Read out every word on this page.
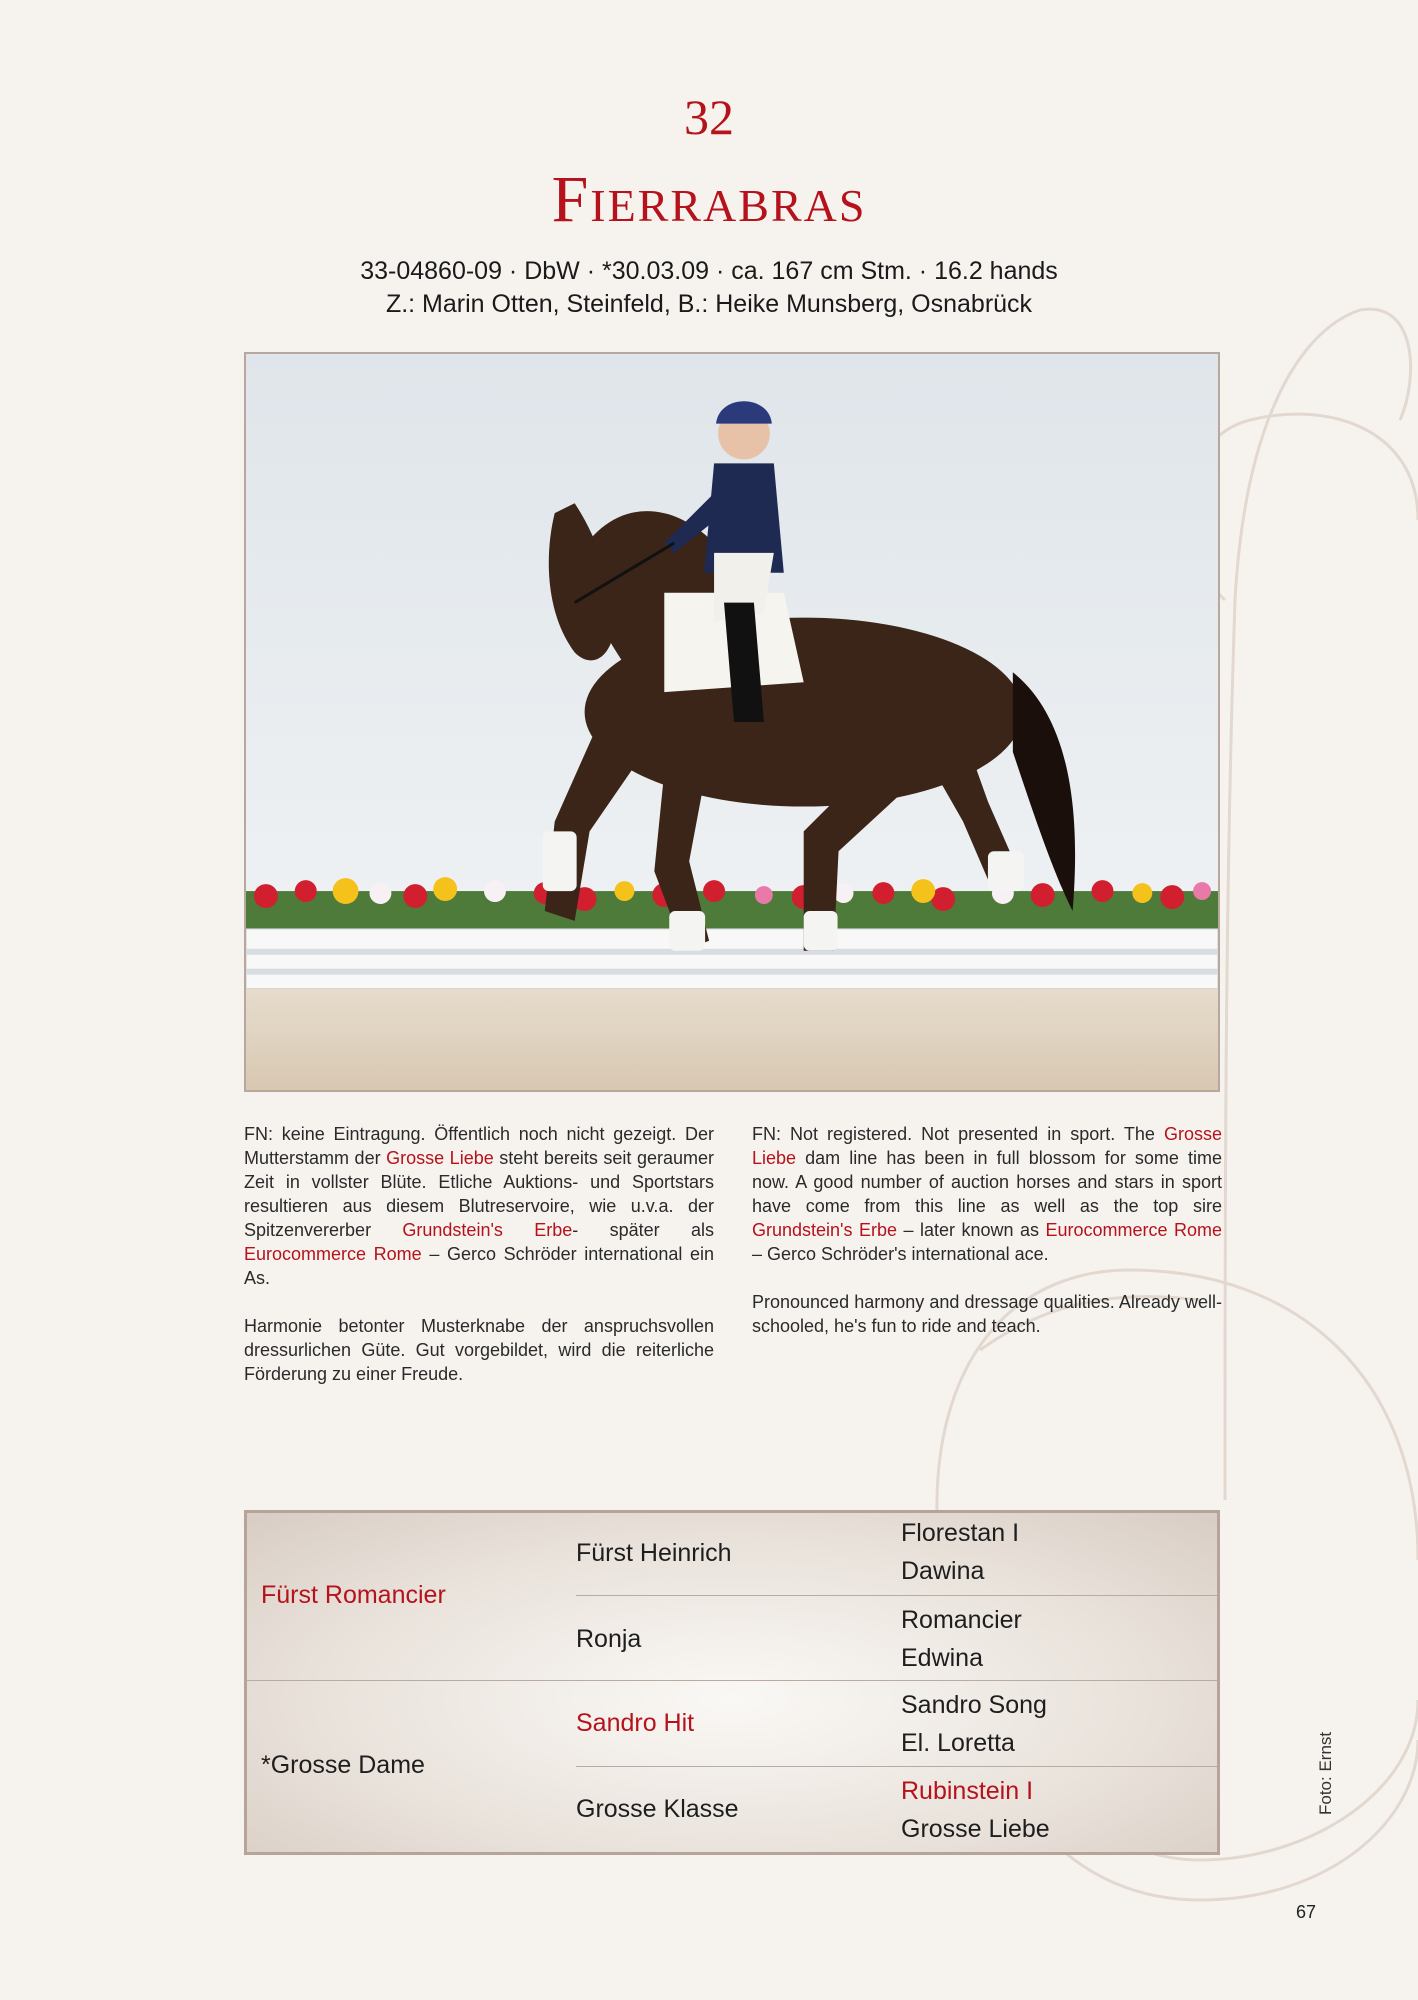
32
Fierrabras
33-04860-09 · DbW · *30.03.09 · ca. 167 cm Stm. · 16.2 hands
Z.: Marin Otten, Steinfeld, B.: Heike Munsberg, Osnabrück

FN: keine Eintragung. Öffentlich noch nicht gezeigt. Der Mutterstamm der Grosse Liebe steht bereits seit geraumer Zeit in vollster Blüte. Etliche Auktions- und Sportstars resultieren aus diesem Blutreservoire, wie u.v.a. der Spitzenvererber Grundstein's Erbe- später als Eurocommerce Rome – Gerco Schröder international ein As.

Harmonie betonter Musterknabe der anspruchsvollen dressurlichen Güte. Gut vorgebildet, wird die reiterliche Förderung zu einer Freude.

FN: Not registered. Not presented in sport. The Grosse Liebe dam line has been in full blossom for some time now. A good number of auction horses and stars in sport have come from this line as well as the top sire Grundstein's Erbe – later known as Eurocommerce Rome – Gerco Schröder's international ace.

Pronounced harmony and dressage qualities. Already well-schooled, he's fun to ride and teach.

Fürst Romancier
Fürst Heinrich
Florestan I
Dawina
Ronja
Romancier
Edwina
*Grosse Dame
Sandro Hit
Sandro Song
El. Loretta
Grosse Klasse
Rubinstein I
Grosse Liebe
Foto: Ernst
67
